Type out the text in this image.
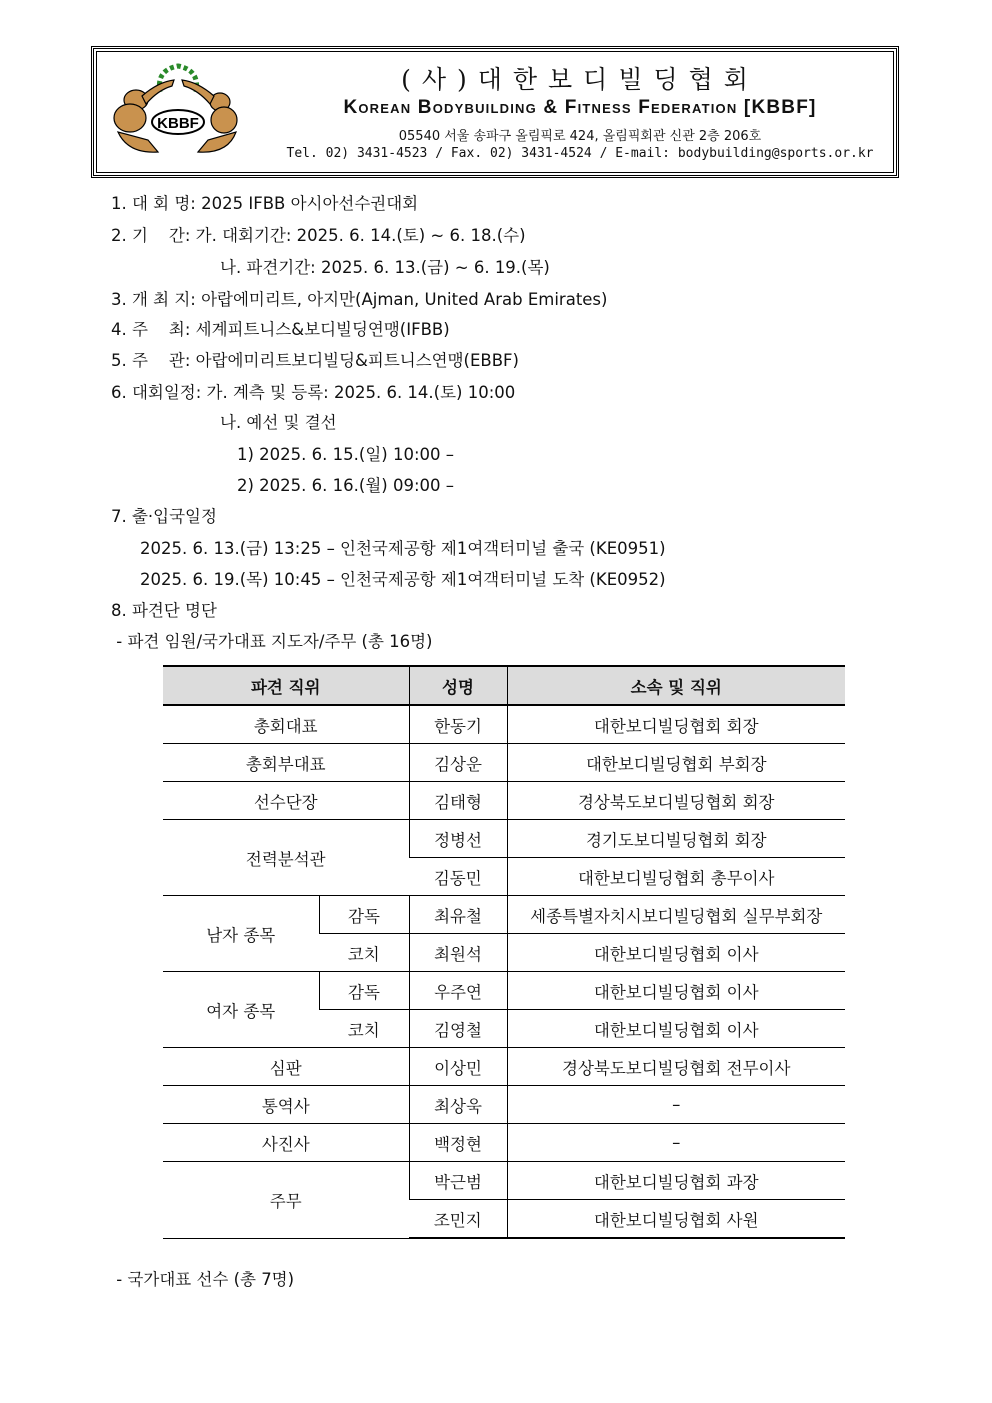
KBBF
(사)대한보디빌딩협회
Korean Bodybuilding & Fitness Federation [KBBF]
05540 서울 송파구 올림픽로 424, 올림픽회관 신관 2층 206호
Tel. 02) 3431-4523 / Fax. 02) 3431-4524 / E-mail: bodybuilding@sports.or.kr
1. 대 회 명: 2025 IFBB 아시아선수권대회
2. 기    간: 가. 대회기간: 2025. 6. 14.(토) ~ 6. 18.(수)
나. 파견기간: 2025. 6. 13.(금) ~ 6. 19.(목)
3. 개 최 지: 아랍에미리트, 아지만(Ajman, United Arab Emirates)
4. 주    최: 세계피트니스&보디빌딩연맹(IFBB)
5. 주    관: 아랍에미리트보디빌딩&피트니스연맹(EBBF)
6. 대회일정: 가. 계측 및 등록: 2025. 6. 14.(토) 10:00
나. 예선 및 결선
1) 2025. 6. 15.(일) 10:00 –
2) 2025. 6. 16.(월) 09:00 –
7. 출·입국일정
2025. 6. 13.(금) 13:25 – 인천국제공항 제1여객터미널 출국 (KE0951)
2025. 6. 19.(목) 10:45 – 인천국제공항 제1여객터미널 도착 (KE0952)
8. 파견단 명단
- 파견 임원/국가대표 지도자/주무 (총 16명)
파견 직위		성명	소속 및 직위
총회대표		한동기	대한보디빌딩협회 회장
총회부대표		김상운	대한보디빌딩협회 부회장
선수단장		김태형	경상북도보디빌딩협회 회장
전력분석관		정병선	경기도보디빌딩협회 회장
		김동민	대한보디빌딩협회 총무이사
남자 종목	감독	최유철	세종특별자치시보디빌딩협회 실무부회장
	코치	최원석	대한보디빌딩협회 이사
여자 종목	감독	우주연	대한보디빌딩협회 이사
	코치	김영철	대한보디빌딩협회 이사
심판		이상민	경상북도보디빌딩협회 전무이사
통역사		최상욱	–
사진사		백정현	–
주무		박근범	대한보디빌딩협회 과장
		조민지	대한보디빌딩협회 사원
- 국가대표 선수 (총 7명)
